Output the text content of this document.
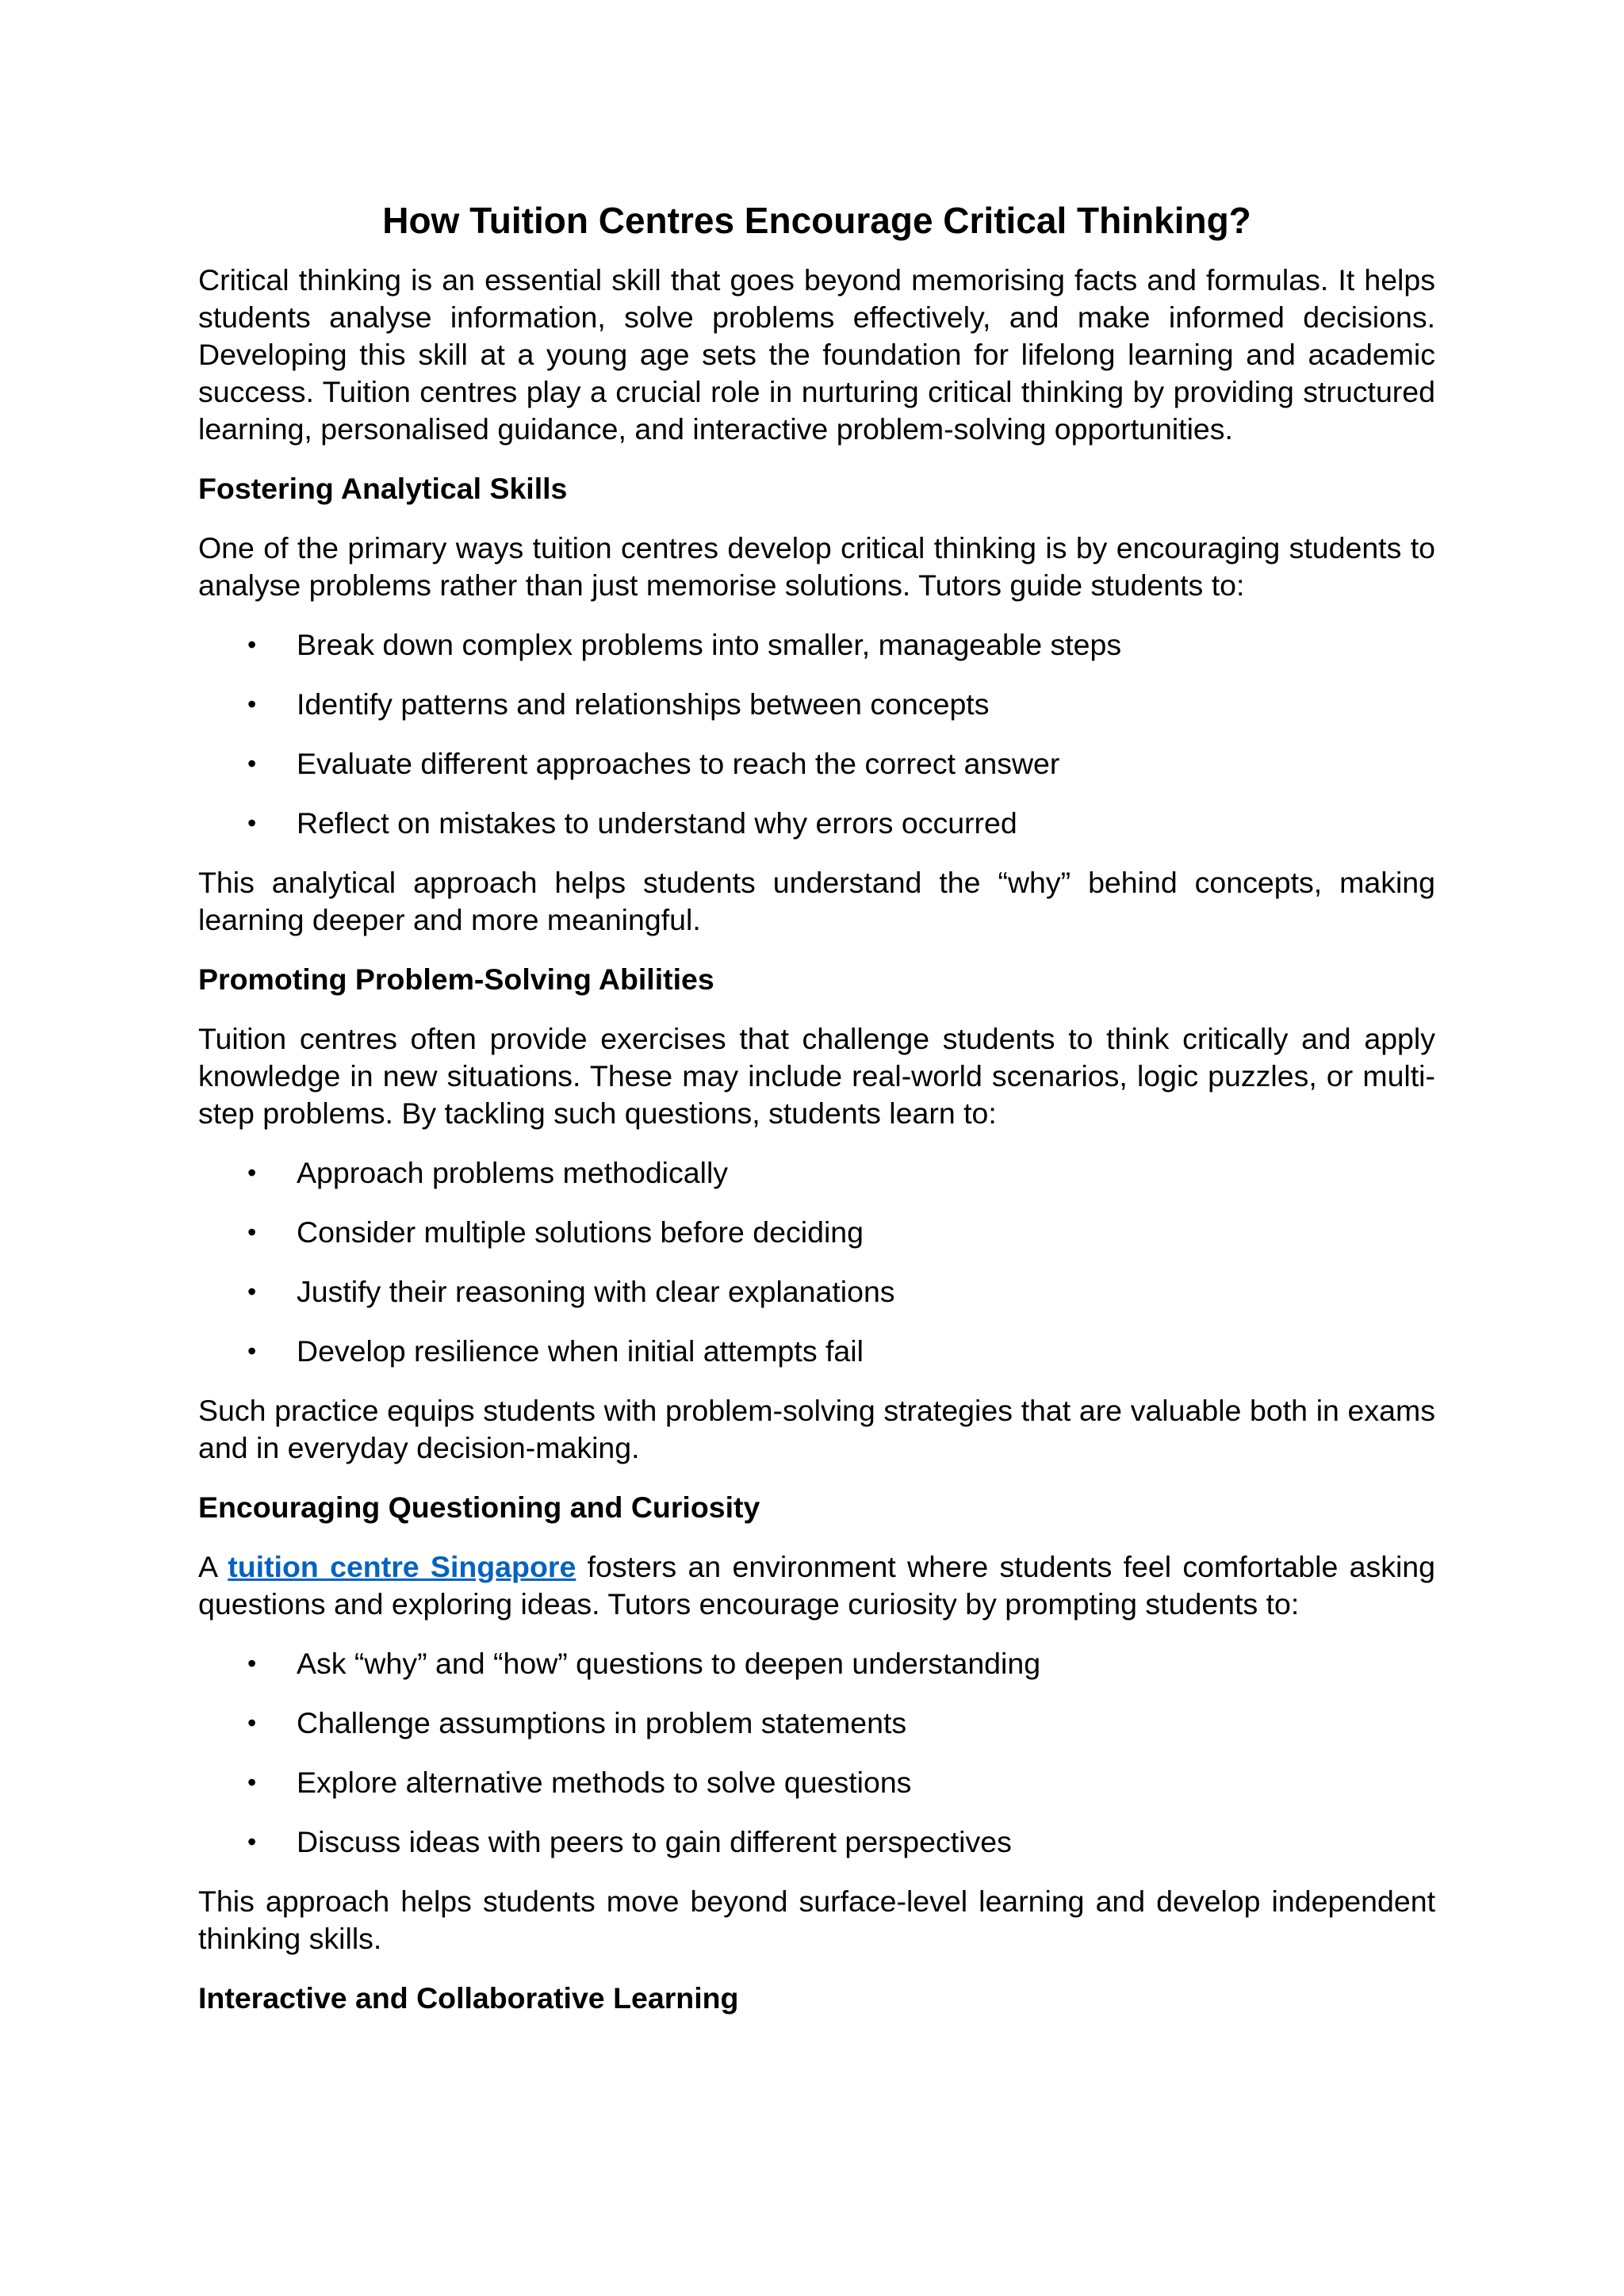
How Tuition Centres Encourage Critical Thinking?

Critical thinking is an essential skill that goes beyond memorising facts and formulas. It helps students analyse information, solve problems effectively, and make informed decisions. Developing this skill at a young age sets the foundation for lifelong learning and academic success. Tuition centres play a crucial role in nurturing critical thinking by providing structured learning, personalised guidance, and interactive problem-solving opportunities.

Fostering Analytical Skills

One of the primary ways tuition centres develop critical thinking is by encouraging students to analyse problems rather than just memorise solutions. Tutors guide students to:

• Break down complex problems into smaller, manageable steps
• Identify patterns and relationships between concepts
• Evaluate different approaches to reach the correct answer
• Reflect on mistakes to understand why errors occurred

This analytical approach helps students understand the “why” behind concepts, making learning deeper and more meaningful.

Promoting Problem-Solving Abilities

Tuition centres often provide exercises that challenge students to think critically and apply knowledge in new situations. These may include real-world scenarios, logic puzzles, or multi-step problems. By tackling such questions, students learn to:

• Approach problems methodically
• Consider multiple solutions before deciding
• Justify their reasoning with clear explanations
• Develop resilience when initial attempts fail

Such practice equips students with problem-solving strategies that are valuable both in exams and in everyday decision-making.

Encouraging Questioning and Curiosity

A tuition centre Singapore fosters an environment where students feel comfortable asking questions and exploring ideas. Tutors encourage curiosity by prompting students to:

• Ask “why” and “how” questions to deepen understanding
• Challenge assumptions in problem statements
• Explore alternative methods to solve questions
• Discuss ideas with peers to gain different perspectives

This approach helps students move beyond surface-level learning and develop independent thinking skills.

Interactive and Collaborative Learning
